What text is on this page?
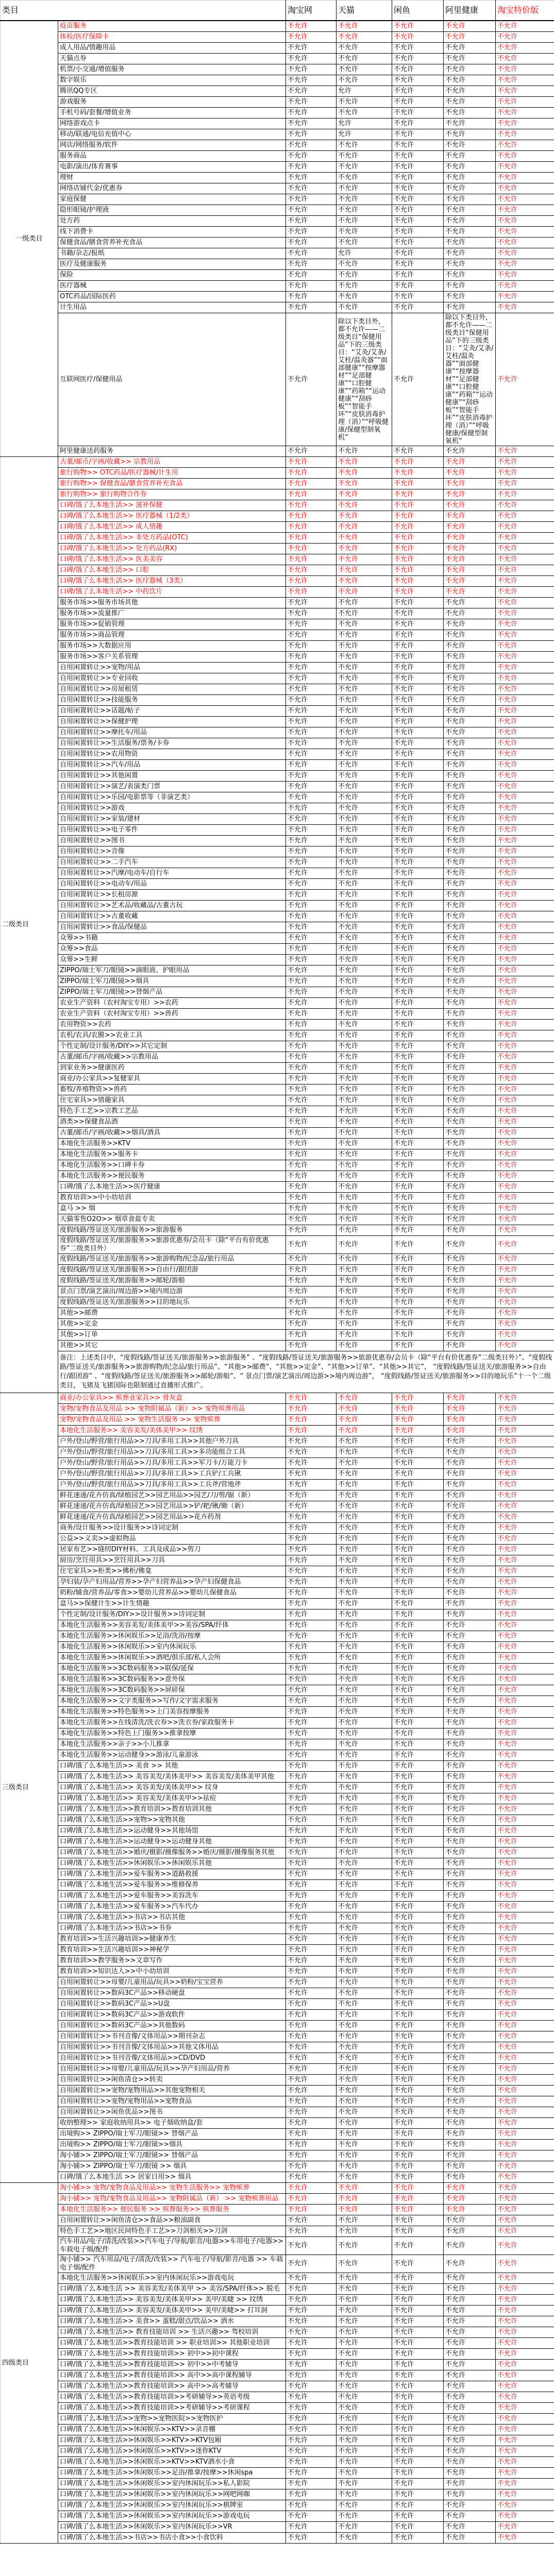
类目		淘宝网	天猫	闲鱼	阿里健康	淘宝特价版
一级类目	疫苗服务	不允许	不允许	不允许	不允许	不允许
	体检/医疗保障卡	不允许	不允许	不允许	不允许	不允许
	成人用品/情趣用品	不允许	不允许	不允许	不允许	不允许
	天猫点券	不允许	不允许	不允许	不允许	不允许
	机票/小交通/增值服务	不允许	不允许	不允许	不允许	不允许
	数字娱乐	不允许	不允许	不允许	不允许	不允许
	腾讯QQ专区	不允许	允许	不允许	不允许	不允许
	游戏服务	不允许	不允许	不允许	不允许	不允许
	手机号码/套餐/增值业务	不允许	不允许	不允许	不允许	不允许
	网络游戏点卡	不允许	允许	不允许	不允许	不允许
	移动/联通/电信充值中心	不允许	允许	不允许	不允许	不允许
	网店/网络服务/软件	不允许	不允许	不允许	不允许	不允许
	服务商品	不允许	不允许	不允许	不允许	不允许
	电影/演出/体育赛事	不允许	不允许	不允许	不允许	不允许
	理财	不允许	不允许	不允许	不允许	不允许
	网络店铺代金/优惠券	不允许	不允许	不允许	不允许	不允许
	家庭保健	不允许	不允许	不允许	不允许	不允许
	隐形眼镜/护理液	不允许	不允许	不允许	不允许	不允许
	处方药	不允许	不允许	不允许	不允许	不允许
	线下消费卡	不允许	不允许	不允许	不允许	不允许
	保健食品/膳食营养补充食品	不允许	不允许	不允许	不允许	不允许
	书籍/杂志/报纸	不允许	允许	不允许	不允许	不允许
	医疗及健康服务	不允许	不允许	不允许	不允许	不允许
	保险	不允许	不允许	不允许	不允许	不允许
	医疗器械	不允许	不允许	不允许	不允许	不允许
	OTC药品/国际医药	不允许	不允许	不允许	不允许	不允许
	计生用品	不允许	不允许	不允许	不允许	不允许
	互联网医疗/保健用品	不允许	除以下类目外，都不允许——二级类目“保健用品”下的三级类目：“艾灸/艾条/艾柱/温灸器”“面部健康”“按摩器材”“足部健康”“口腔健康”“药箱”“运动健康”“刮痧板”“智能手环”“皮肤消毒护理（消）”“呼吸健康/保健型制氧机”	不允许	除以下类目外，都不允许——二级类目“保健用品”下的三级类目：“艾灸/艾条/艾柱/温灸器”“面部健康”“按摩器材”“足部健康”“口腔健康”“药箱”“运动健康”“刮痧板”“智能手环”“皮肤消毒护理（消）”“呼吸健康/保健型制氧机”	不允许
	阿里健康送药服务	不允许	不允许	不允许	不允许	不允许
二级类目	古董/邮币/字画/收藏>> 宗教用品	不允许	不允许	不允许	不允许	不允许
	旅行购物>> OTC药品/医疗器械/计生用	不允许	不允许	不允许	不允许	不允许
	旅行购物>> 保健食品/膳食营养补充食品	不允许	不允许	不允许	不允许	不允许
	旅行购物>> 旅行购物合作券	不允许	不允许	不允许	不允许	不允许
	口碑/饿了么本地生活>> 滋补保健	不允许	不允许	不允许	不允许	不允许
	口碑/饿了么本地生活>> 医疗器械（1/2类）	不允许	不允许	不允许	不允许	不允许
	口碑/饿了么本地生活>> 成人情趣	不允许	不允许	不允许	不允许	不允许
	口碑/饿了么本地生活>> 非处方药品(OTC)	不允许	不允许	不允许	不允许	不允许
	口碑/饿了么本地生活>> 处方药品(RX)	不允许	不允许	不允许	不允许	不允许
	口碑/饿了么本地生活>> 医美美容	不允许	不允许	不允许	不允许	不允许
	口碑/饿了么本地生活>> 口腔	不允许	不允许	不允许	不允许	不允许
	口碑/饿了么本地生活>> 医疗器械（3类）	不允许	不允许	不允许	不允许	不允许
	口碑/饿了么本地生活>> 中药饮片	不允许	不允许	不允许	不允许	不允许
	服务市场>>服务市场其他	不允许	不允许	不允许	不允许	不允许
	服务市场>>流量推广	不允许	不允许	不允许	不允许	不允许
	服务市场>>促销管理	不允许	不允许	不允许	不允许	不允许
	服务市场>>商品管理	不允许	不允许	不允许	不允许	不允许
	服务市场>>大数据应用	不允许	不允许	不允许	不允许	不允许
	服务市场>>客户关系管理	不允许	不允许	不允许	不允许	不允许
	自用闲置转让>>宠物/用品	不允许	不允许	不允许	不允许	不允许
	自用闲置转让>>专业回收	不允许	不允许	不允许	不允许	不允许
	自用闲置转让>>房屋租赁	不允许	不允许	不允许	不允许	不允许
	自用闲置转让>>技能服务	不允许	不允许	不允许	不允许	不允许
	自用闲置转让>>话题/帖子	不允许	不允许	不允许	不允许	不允许
	自用闲置转让>>保健护理	不允许	不允许	不允许	不允许	不允许
	自用闲置转让>>摩托车/用品	不允许	不允许	不允许	不允许	不允许
	自用闲置转让>>生活服务/票务/卡券	不允许	不允许	不允许	不允许	不允许
	自用闲置转让>>农用物资	不允许	不允许	不允许	不允许	不允许
	自用闲置转让>>汽车/用品	不允许	不允许	不允许	不允许	不允许
	自用闲置转让>>其他闲置	不允许	不允许	不允许	不允许	不允许
	自用闲置转让>>演艺/表演类门票	不允许	不允许	不允许	不允许	不允许
	自用闲置转让>>乐园/电影票等（非演艺类）	不允许	不允许	不允许	不允许	不允许
	自用闲置转让>>游戏	不允许	不允许	不允许	不允许	不允许
	自用闲置转让>>家装/建材	不允许	不允许	不允许	不允许	不允许
	自用闲置转让>>电子零件	不允许	不允许	不允许	不允许	不允许
	自用闲置转让>>图书	不允许	不允许	不允许	不允许	不允许
	自用闲置转让>>音像	不允许	不允许	不允许	不允许	不允许
	自用闲置转让>>二手汽车	不允许	不允许	不允许	不允许	不允许
	自用闲置转让>>汽摩/电动车/自行车	不允许	不允许	不允许	不允许	不允许
	自用闲置转让>>电动车/用品	不允许	不允许	不允许	不允许	不允许
	自用闲置转让>>长租房源	不允许	不允许	不允许	不允许	不允许
	自用闲置转让>>艺术品/收藏品/古董古玩	不允许	不允许	不允许	不允许	不允许
	自用闲置转让>>古董收藏	不允许	不允许	不允许	不允许	不允许
	自用闲置转让>>食品/保健品	不允许	不允许	不允许	不允许	不允许
	众筹>>书籍	不允许	不允许	不允许	不允许	不允许
	众筹>>食品	不允许	不允许	不允许	不允许	不允许
	众筹>>生鲜	不允许	不允许	不允许	不允许	不允许
	ZIPPO/瑞士军刀/眼镜>>滴眼液、护眼用品	不允许	不允许	不允许	不允许	不允许
	ZIPPO/瑞士军刀/眼镜>>烟具	不允许	不允许	不允许	不允许	不允许
	ZIPPO/瑞士军刀/眼镜>>替烟产品	不允许	不允许	不允许	不允许	不允许
	农业生产资料（农村淘宝专用）>>农药	不允许	不允许	不允许	不允许	不允许
	农业生产资料（农村淘宝专用）>>兽药	不允许	不允许	不允许	不允许	不允许
	农用物资>>农药	不允许	不允许	不允许	不允许	不允许
	农机/农具/农膜>>农业工具	不允许	不允许	不允许	不允许	不允许
	个性定制/设计服务/DIY>>其它定制	不允许	不允许	不允许	不允许	不允许
	古董/邮币/字画/收藏>>宗教用品	不允许	不允许	不允许	不允许	不允许
	到家业务>>健康医药	不允许	不允许	不允许	不允许	不允许
	商业/办公家具>>复健家具	不允许	不允许	不允许	不允许	不允许
	畜牧/养殖物资>>兽药	不允许	不允许	不允许	不允许	不允许
	住宅家具>>情趣家具	不允许	不允许	不允许	不允许	不允许
	特色手工艺>>宗教工艺品	不允许	不允许	不允许	不允许	不允许
	酒类>>保健食品酒	不允许	不允许	不允许	不允许	不允许
	古董/邮币/字画/收藏>>烟具/酒具	不允许	不允许	不允许	不允许	不允许
	本地化生活服务>>KTV	不允许	不允许	不允许	不允许	不允许
	本地化生活服务>>服务卡	不允许	不允许	不允许	不允许	不允许
	本地化生活服务>>口碑卡券	不允许	不允许	不允许	不允许	不允许
	本地化生活服务>>便民服务	不允许	不允许	不允许	不允许	不允许
	口碑/饿了么本地生活>>医疗健康	不允许	不允许	不允许	不允许	不允许
	教育培训>>中小幼培训	不允许	不允许	不允许	不允许	不允许
	盒马 >> 烟	不允许	不允许	不允许	不允许	不允许
	天猫零售O2O>> 烟草食盐专卖	不允许	不允许	不允许	不允许	不允许
	度假线路/签证送关/旅游服务>>旅游服务	不允许	不允许	不允许	不允许	不允许
	度假线路/签证送关/旅游服务>>旅游优惠券/会员卡（除“平台有价优惠券”二级类目外）	不允许	不允许	不允许	不允许	不允许
	度假线路/签证送关/旅游服务>>旅游购物/纪念品/旅行用品	不允许	不允许	不允许	不允许	不允许
	度假线路/签证送关/旅游服务>>自由行/跟团游	不允许	不允许	不允许	不允许	不允许
	度假线路/签证送关/旅游服务>>邮轮/游船	不允许	不允许	不允许	不允许	不允许
	景点门票/演艺演出/周边游>>境内周边游	不允许	不允许	不允许	不允许	不允许
	度假线路/签证送关/旅游服务>>目的地玩乐	不允许	不允许	不允许	不允许	不允许
	其他>>邮费	不允许	不允许	不允许	不允许	不允许
	其他>>定金	不允许	不允许	不允许	不允许	不允许
	其他>>订单	不允许	不允许	不允许	不允许	不允许
	其他>>其它	不允许	不允许	不允许	不允许	不允许
	备注：上述类目中，“度假线路/签证送关/旅游服务>>旅游服务” 、“度假线路/签证送关/旅游服务>>旅游优惠券/会员卡（除“平台有价优惠券”二级类目外）”、“度假线路/签证送关/旅游服务>>旅游购物/纪念品/旅行用品”、“其他>>邮费”、“其他>>定金”、“其他>>订单”、“其他>>其它”， “度假线路/签证送关/旅游服务>>自由行/跟团游” 、“度假线路/签证送关/旅游服务>>邮轮/游船”、“ 景点门票/演艺演出/周边游>>境内周边游”， “度假线路/签证送关/旅游服务>>目的地玩乐”十一个二级类目，飞猪及飞猪国际也限制通过直播形式推广。					
三级类目	商业/办公家具>> 殡葬业家具>> 骨灰盒	不允许	不允许	不允许	不允许	不允许
	宠物/宠物食品及用品 >> 宠物附属品（新）>> 宠物殡葬用品	不允许	不允许	不允许	不允许	不允许
	宠物/宠物食品及用品 >> 宠物生活服务 >> 宠物殡葬	不允许	不允许	不允许	不允许	不允许
	本地化生活服务>> 美容美发/美体美甲>> 纹绣	不允许	不允许	不允许	不允许	不允许
	户外/登山/野营/旅行用品>>刀具/多用工具>>其他户外刀具	不允许	不允许	不允许	不允许	不允许
	户外/登山/野营/旅行用品>>刀具/多用工具>>多功能组合工具	不允许	不允许	不允许	不允许	不允许
	户外/登山/野营/旅行用品>>刀具/多用工具>>军刀卡/万能刀卡	不允许	不允许	不允许	不允许	不允许
	户外/登山/野营/旅行用品>>刀具/多用工具>>工兵铲/工兵锹	不允许	不允许	不允许	不允许	不允许
	户外/登山/野营/旅行用品>>刀具/多用工具>>工兵斧/营地斧	不允许	不允许	不允许	不允许	不允许
	鲜花速递/花卉仿真/绿植园艺>>园艺用品>>园艺/刀/剪/锯（新）	不允许	不允许	不允许	不允许	不允许
	鲜花速递/花卉仿真/绿植园艺>>园艺用品>>铲/耙/锹/锄（新）	不允许	不允许	不允许	不允许	不允许
	鲜花速递/花卉仿真/绿植园艺>>园艺用品>>花卉药剂	不允许	不允许	不允许	不允许	不允许
	商务/设计服务>>设计服务>>诗词定制	不允许	不允许	不允许	不允许	不允许
	公益>>义卖>>虚拟物品	不允许	不允许	不允许	不允许	不允许
	居家布艺>>缝纫DIY材料、工具及成品>>剪刀	不允许	不允许	不允许	不允许	不允许
	厨房/烹饪用具>>烹饪用具>>刀具	不允许	不允许	不允许	不允许	不允许
	住宅家具>>柜类>>佛柜/佛龛	不允许	不允许	不允许	不允许	不允许
	孕妇装/孕产妇用品/营养>>孕产妇营养品>>孕产妇保健食品	不允许	不允许	不允许	不允许	不允许
	奶粉/辅食/营养品/零食>>婴幼儿营养品>>婴幼儿保健食品	不允许	不允许	不允许	不允许	不允许
	盒马>>保健计生>>计生情趣	不允许	不允许	不允许	不允许	不允许
	个性定制/设计服务/DIY>>设计服务>>诗词定制	不允许	不允许	不允许	不允许	不允许
	本地化生活服务>>美容美发/美体美甲>>美容/SPA/纤体	不允许	不允许	不允许	不允许	不允许
	本地化生活服务>>休闲娱乐>>足浴/洗浴/按摩	不允许	不允许	不允许	不允许	不允许
	本地化生活服务>>休闲娱乐>>室内休闲玩乐	不允许	不允许	不允许	不允许	不允许
	本地化生活服务>>休闲娱乐>>酒吧/俱乐部/私人会所	不允许	不允许	不允许	不允许	不允许
	本地化生活服务>>3C数码服务>>联保/延保	不允许	不允许	不允许	不允许	不允许
	本地化生活服务>>3C数码服务>>意外保	不允许	不允许	不允许	不允许	不允许
	本地化生活服务>>3C数码服务>>屏碎保	不允许	不允许	不允许	不允许	不允许
	本地化生活服务>>文字类服务>>写作/文字需求服务	不允许	不允许	不允许	不允许	不允许
	本地化生活服务>>特色服务>>上门美容按摩服务	不允许	不允许	不允许	不允许	不允许
	本地化生活服务>>在线清洗/洗衣券>>洗衣券/家政服务卡	不允许	不允许	不允许	不允许	不允许
	本地化生活服务>>特色上门服务>>推拿按摩	不允许	不允许	不允许	不允许	不允许
	本地化生活服务>>亲子>>小儿推拿	不允许	不允许	不允许	不允许	不允许
	本地化生活服务>>运动健身>>游泳/儿童游泳	不允许	不允许	不允许	不允许	不允许
	口碑/饿了么本地生活>> 美食 >> 其他	不允许	不允许	不允许	不允许	不允许
	口碑/饿了么本地生活>> 美容美发/美体美甲>> 美容美发/美体美甲其他	不允许	不允许	不允许	不允许	不允许
	口碑/饿了么本地生活>> 美容美发/美体美甲>> 纹身	不允许	不允许	不允许	不允许	不允许
	口碑/饿了么本地生活>> 美容美发/美体美甲>>祛痘	不允许	不允许	不允许	不允许	不允许
	口碑/饿了么本地生活>>教育培训>>教育培训其他	不允许	不允许	不允许	不允许	不允许
	口碑/饿了么本地生活>>宠物>>宠物其他	不允许	不允许	不允许	不允许	不允许
	口碑/饿了么本地生活>>运动健身>>其他场馆	不允许	不允许	不允许	不允许	不允许
	口碑/饿了么本地生活>>运动健身>>运动健身其他	不允许	不允许	不允许	不允许	不允许
	口碑/饿了么本地生活>>婚庆/摄影/摄像服务>>婚庆/摄影/摄像服务其他	不允许	不允许	不允许	不允许	不允许
	口碑/饿了么本地生活>>休闲娱乐>>休闲娱乐其他	不允许	不允许	不允许	不允许	不允许
	口碑/饿了么本地生活>>爱车服务>>道路救援	不允许	不允许	不允许	不允许	不允许
	口碑/饿了么本地生活>>爱车服务>>维修保养	不允许	不允许	不允许	不允许	不允许
	口碑/饿了么本地生活>>爱车服务>>美容洗车	不允许	不允许	不允许	不允许	不允许
	口碑/饿了么本地生活>>爱车服务>>汽车代办	不允许	不允许	不允许	不允许	不允许
	口碑/饿了么本地生活>>书店>>书店其他	不允许	不允许	不允许	不允许	不允许
	口碑/饿了么本地生活>>书店>>书券	不允许	不允许	不允许	不允许	不允许
	教育培训>>生活兴趣培训>>健康养生	不允许	不允许	不允许	不允许	不允许
	教育培训>>生活兴趣培训>>神秘学	不允许	不允许	不允许	不允许	不允许
	教育培训>>教学服务>>文章写作	不允许	不允许	不允许	不允许	不允许
	教育培训>>知识达人>>中小幼培训	不允许	不允许	不允许	不允许	不允许
	自用闲置转让>>母婴/儿童用品/玩具>>奶粉/宝宝营养	不允许	不允许	不允许	不允许	不允许
	自用闲置转让>>数码3C产品>>移动硬盘	不允许	不允许	不允许	不允许	不允许
	自用闲置转让>>数码3C产品>>U盘	不允许	不允许	不允许	不允许	不允许
	自用闲置转让>>数码3C产品>>游戏软件	不允许	不允许	不允许	不允许	不允许
	自用闲置转让>>数码3C产品>>其他数码	不允许	不允许	不允许	不允许	不允许
	自用闲置转让>>书刊音像/文体用品>>期刊杂志	不允许	不允许	不允许	不允许	不允许
	自用闲置转让>>书刊音像/文体用品>>其他文体用品	不允许	不允许	不允许	不允许	不允许
	自用闲置转让>>书刊音像/文体用品>>CD/DVD	不允许	不允许	不允许	不允许	不允许
	自用闲置转让>>母婴/儿童用品/玩具>>孕产妇用品/营养	不允许	不允许	不允许	不允许	不允许
	自用闲置转让>>闲鱼清仓>>转卖	不允许	不允许	不允许	不允许	不允许
	自用闲置转让>>宠物/宠物用品>>其他宠物相关	不允许	不允许	不允许	不允许	不允许
	自用闲置转让>>宠物/宠物用品>>宠物食品	不允许	不允许	不允许	不允许	不允许
	自用闲置转让>>闲鱼优品>>图书	不允许	不允许	不允许	不允许	不允许
	收纳整理>> 家庭收纳用具>> 电子烟收纳盒/套	不允许	不允许	不允许	不允许	不允许
	出境购>> ZIPPO/瑞士军刀/眼镜>> 替烟产品	不允许	不允许	不允许	不允许	不允许
	出境购>> ZIPPO/瑞士军刀/眼镜>>烟具	不允许	不允许	不允许	不允许	不允许
	淘小铺>> ZIPPO/瑞士军刀/眼镜>> 替烟产品	不允许	不允许	不允许	不允许	不允许
	淘小铺>> ZIPPO/瑞士军刀/眼镜 >> 烟具	不允许	不允许	不允许	不允许	不允许
	口碑/饿了么本地生活 >> 居家日用>> 烟具	不允许	不允许	不允许	不允许	不允许
四级类目	淘小铺>> 宠物/宠物食品及用品>> 宠物生活服务>> 宠物殡葬	不允许	不允许	不允许	不允许	不允许
	淘小铺>> 宠物/宠物食品及用品>> 宠物附属品（新） >> 宠物殡葬用品	不允许	不允许	不允许	不允许	不允许
	本地化生活服务>> 便民服务 >> 殡葬服务>> 殡葬服务	不允许	不允许	不允许	不允许	不允许
	自用闲置转让>>闲鱼清仓>>食品>>粮油副食	不允许	不允许	不允许	不允许	不允许
	特色手工艺>>地区民间特色手工艺>>刀剑相关>>刀剑	不允许	不允许	不允许	不允许	不允许
	汽车用品/电子/清洗/改装>>汽车电子/导航/影音/电器>>车用电子/电器>>车载电子烟/配件	不允许	不允许	不允许	不允许	不允许
	淘小铺>> 汽车用品/电子/清洗/改装>> 汽车电子/导航/影音/电器 >> 车载电子烟/配件	不允许	不允许	不允许	不允许	不允许
	本地化生活服务>>休闲娱乐>>室内休闲玩乐>>游戏电玩	不允许	不允许	不允许	不允许	不允许
	口碑/饿了么本地生活 >> 美容美发/美体美甲 >> 美容/SPA/纤体>> 脱毛	不允许	不允许	不允许	不允许	不允许
	口碑/饿了么本地生活>> 美容美发/美体美甲>> 美甲/美睫 >> 纹绣	不允许	不允许	不允许	不允许	不允许
	口碑/饿了么本地生活>> 美容美发/美体美甲>> 美甲/美睫>> 打耳洞	不允许	不允许	不允许	不允许	不允许
	口碑/饿了么本地生活>> 美食>> 蛋糕/甜点/饮品>> 酒水	不允许	不允许	不允许	不允许	不允许
	口碑/饿了么本地生活>> 教育技能培训 >> 生活兴趣>> 驾校培训	不允许	不允许	不允许	不允许	不允许
	口碑/饿了么本地生活>>教育技能培训 >> 职业培训>> 其他职业培训	不允许	不允许	不允许	不允许	不允许
	口碑/饿了么本地生活>>教育技能培训>> 初中>>初中课程	不允许	不允许	不允许	不允许	不允许
	口碑/饿了么本地生活>>教育技能培训>> 初中>>中考辅导	不允许	不允许	不允许	不允许	不允许
	口碑/饿了么本地生活>>教育技能培训>> 高中>>高中课程辅导	不允许	不允许	不允许	不允许	不允许
	口碑/饿了么本地生活>>教育技能培训>> 高中>>高考辅导	不允许	不允许	不允许	不允许	不允许
	口碑/饿了么本地生活>>教育技能培训>>考研辅导>>英语考级	不允许	不允许	不允许	不允许	不允许
	口碑/饿了么本地生活>>教育技能培训>>考研辅导>>考研课程	不允许	不允许	不允许	不允许	不允许
	口碑/饿了么本地生活>>宠物>>宠物医院>>宠物医护	不允许	不允许	不允许	不允许	不允许
	口碑/饿了么本地生活>>休闲娱乐>>KTV>>录音棚	不允许	不允许	不允许	不允许	不允许
	口碑/饿了么本地生活>>休闲娱乐>>KTV>>KTV包厢	不允许	不允许	不允许	不允许	不允许
	口碑/饿了么本地生活>>休闲娱乐>>KTV>>迷你KTV	不允许	不允许	不允许	不允许	不允许
	口碑/饿了么本地生活>>休闲娱乐>>KTV>>KTV酒水小食	不允许	不允许	不允许	不允许	不允许
	口碑/饿了么本地生活>>休闲娱乐>>足浴/推拿/按摩>>休闲spa	不允许	不允许	不允许	不允许	不允许
	口碑/饿了么本地生活>>休闲娱乐>>室内休闲玩乐>>私人影院	不允许	不允许	不允许	不允许	不允许
	口碑/饿了么本地生活>>休闲娱乐>>室内休闲玩乐>>网吧网咖	不允许	不允许	不允许	不允许	不允许
	口碑/饿了么本地生活>>休闲娱乐>>室内休闲玩乐>>棋牌室	不允许	不允许	不允许	不允许	不允许
	口碑/饿了么本地生活>>休闲娱乐>>室内休闲玩乐>>游戏电玩	不允许	不允许	不允许	不允许	不允许
	口碑/饿了么本地生活>>休闲娱乐>>室内休闲玩乐>>VR	不允许	不允许	不允许	不允许	不允许
	口碑/饿了么本地生活>>书店>>书店小食>>小食饮料	不允许	不允许	不允许	不允许	不允许
